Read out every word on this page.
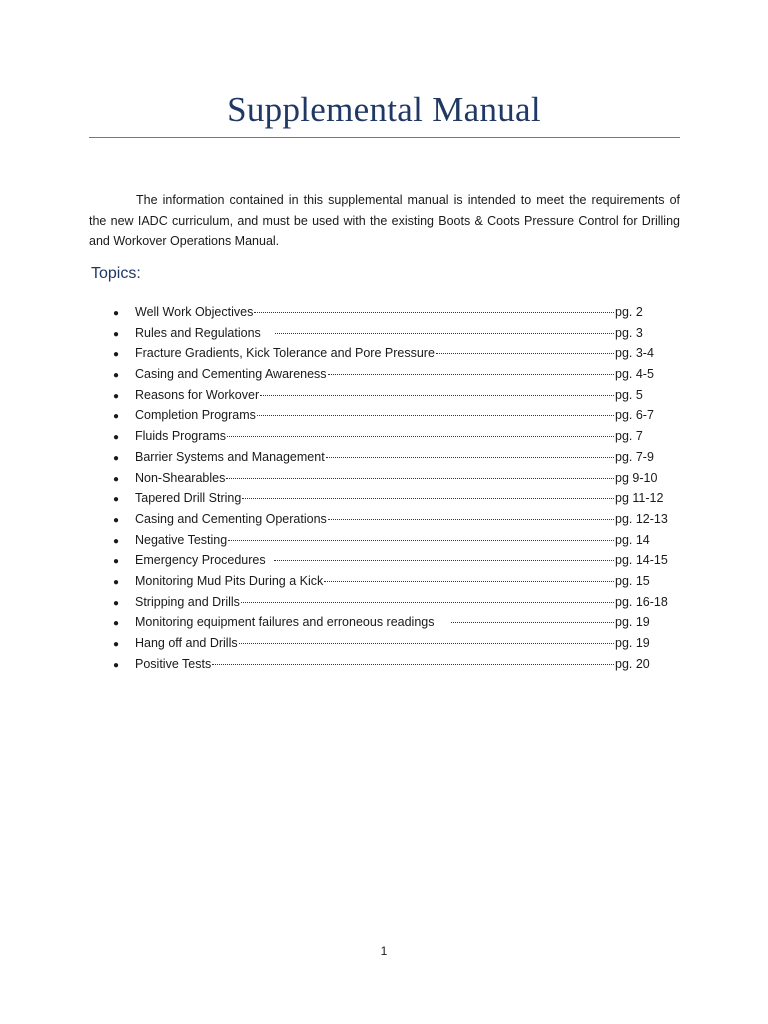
Supplemental Manual

The information contained in this supplemental manual is intended to meet the requirements of the new IADC curriculum, and must be used with the existing Boots & Coots Pressure Control for Drilling and Workover Operations Manual.

Topics:
●	Well Work Objectives	pg. 2
●	Rules and Regulations	pg. 3
●	Fracture Gradients, Kick Tolerance and Pore Pressure	pg. 3-4
●	Casing and Cementing Awareness	pg. 4-5
●	Reasons for Workover	pg. 5
●	Completion Programs	pg. 6-7
●	Fluids Programs	pg. 7
●	Barrier Systems and Management	pg. 7-9
●	Non-Shearables	pg 9-10
●	Tapered Drill String	pg 11-12
●	Casing and Cementing Operations	pg. 12-13
●	Negative Testing	pg. 14
●	Emergency Procedures	pg. 14-15
●	Monitoring Mud Pits During a Kick	pg. 15
●	Stripping and Drills	pg. 16-18
●	Monitoring equipment failures and erroneous readings	pg. 19
●	Hang off and Drills	pg. 19
●	Positive Tests	pg. 20
1
